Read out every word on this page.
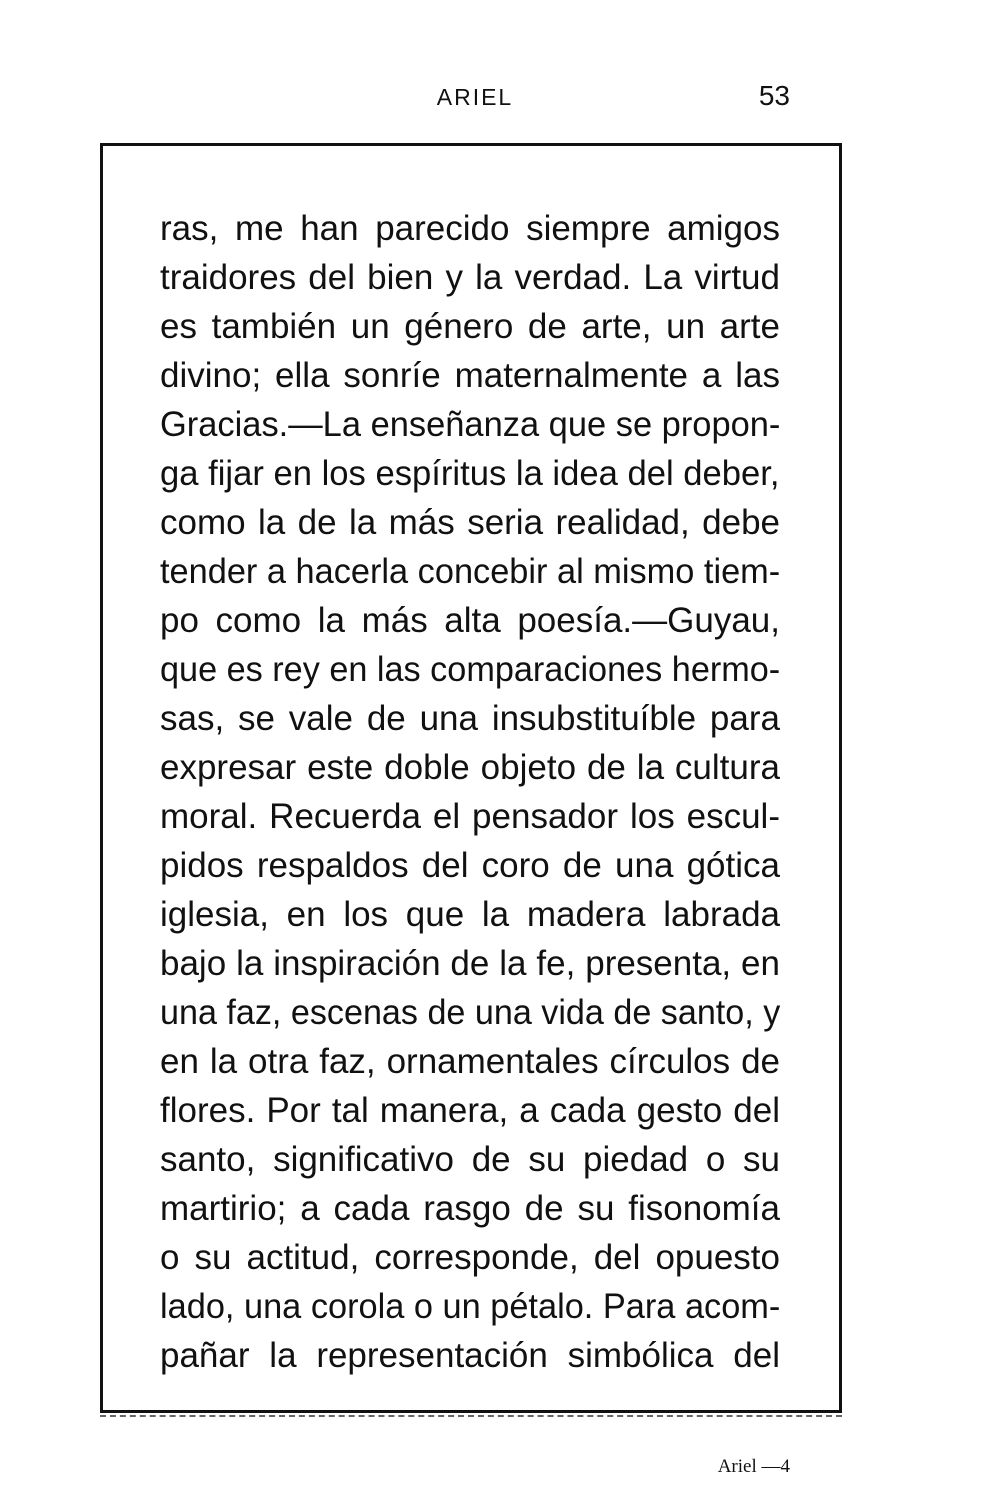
ARIEL	53
ras, me han parecido siempre amigos
traidores del bien y la verdad. La virtud
es también un género de arte, un arte
divino; ella sonríe maternalmente a las
Gracias.—La enseñanza que se propon-
ga fijar en los espíritus la idea del deber,
como la de la más seria realidad, debe
tender a hacerla concebir al mismo tiem-
po como la más alta poesía.—Guyau,
que es rey en las comparaciones hermo-
sas, se vale de una insubstituíble para
expresar este doble objeto de la cultura
moral. Recuerda el pensador los escul-
pidos respaldos del coro de una gótica
iglesia, en los que la madera labrada
bajo la inspiración de la fe, presenta, en
una faz, escenas de una vida de santo, y
en la otra faz, ornamentales círculos de
flores. Por tal manera, a cada gesto del
santo, significativo de su piedad o su
martirio; a cada rasgo de su fisonomía
o su actitud, corresponde, del opuesto
lado, una corola o un pétalo. Para acom-
pañar la representación simbólica del
Ariel —4
